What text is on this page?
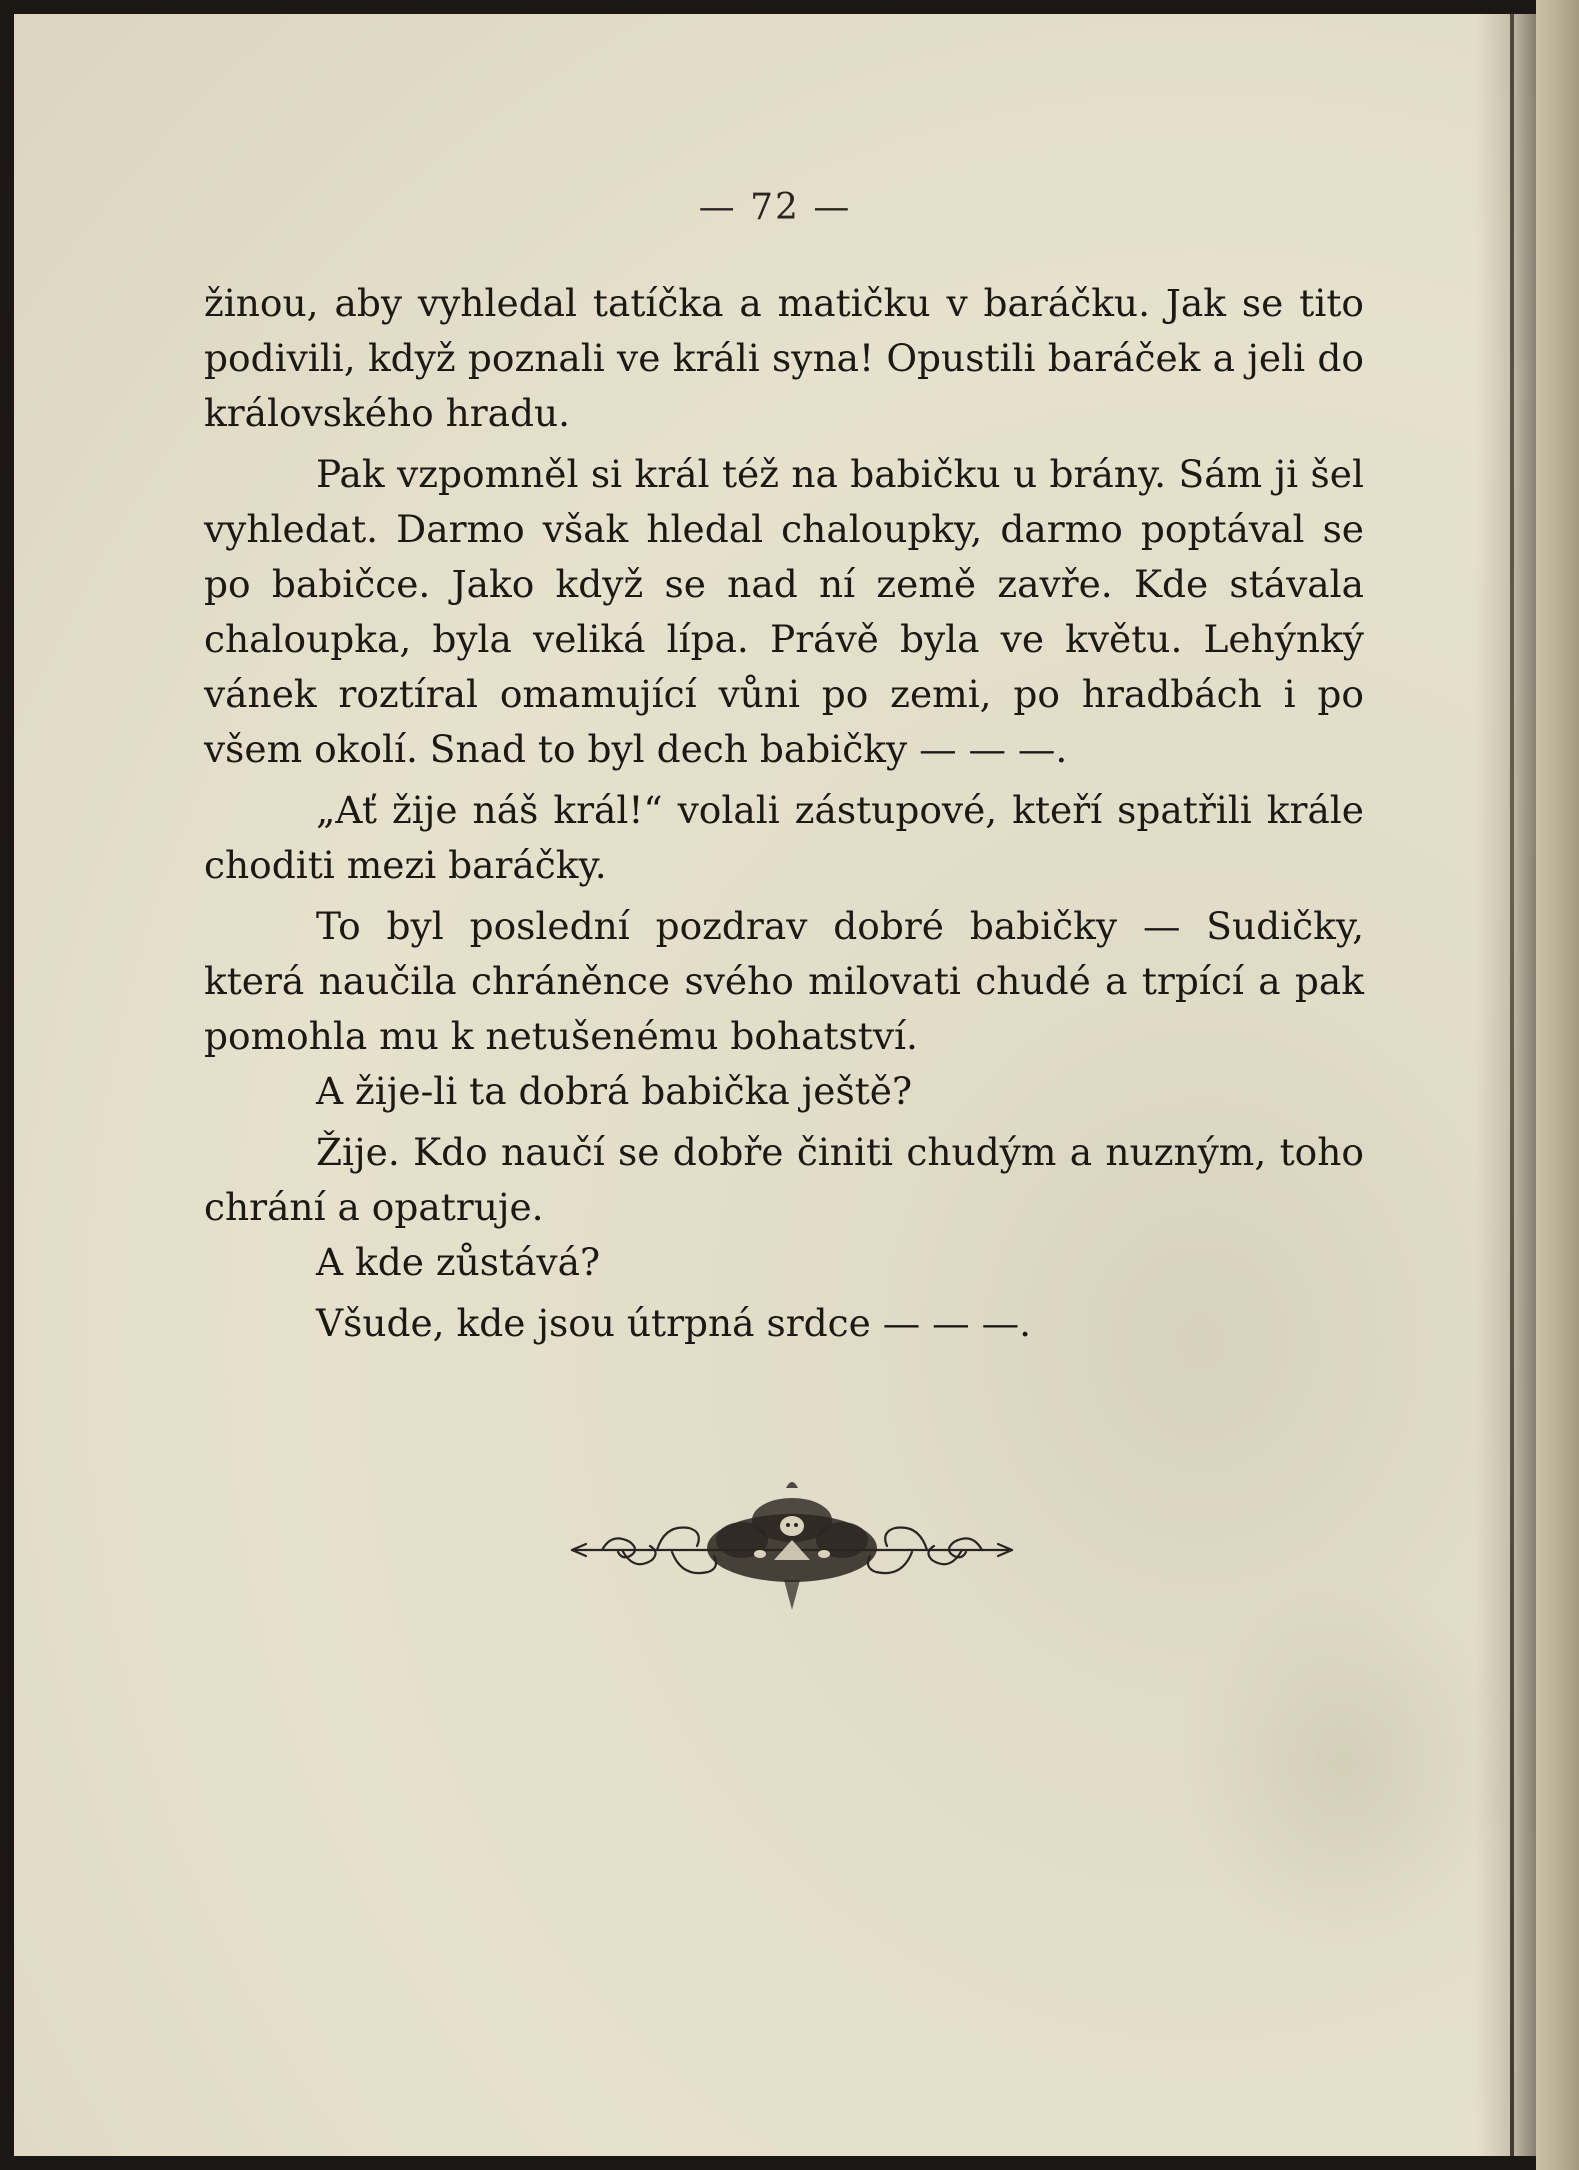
— 72 —

žinou, aby vyhledal tatíčka a matičku v baráčku. Jak se tito podivili, když poznali ve králi syna! Opustili baráček a jeli do královského hradu.

Pak vzpomněl si král též na babičku u brány. Sám ji šel vyhledat. Darmo však hledal chaloupky, darmo poptával se po babičce. Jako když se nad ní země zavře. Kde stávala chaloupka, byla veliká lípa. Právě byla ve květu. Lehýnký vánek roztíral omamující vůni po zemi, po hradbách i po všem okolí. Snad to byl dech babičky — — —.

„Ať žije náš král!“ volali zástupové, kteří spatřili krále choditi mezi baráčky.

To byl poslední pozdrav dobré babičky — Sudičky, která naučila chráněnce svého milovati chudé a trpící a pak pomohla mu k netušenému bohatství.

A žije-li ta dobrá babička ještě?

Žije. Kdo naučí se dobře činiti chudým a nuzným, toho chrání a opatruje.

A kde zůstává?

Všude, kde jsou útrpná srdce — — —.
